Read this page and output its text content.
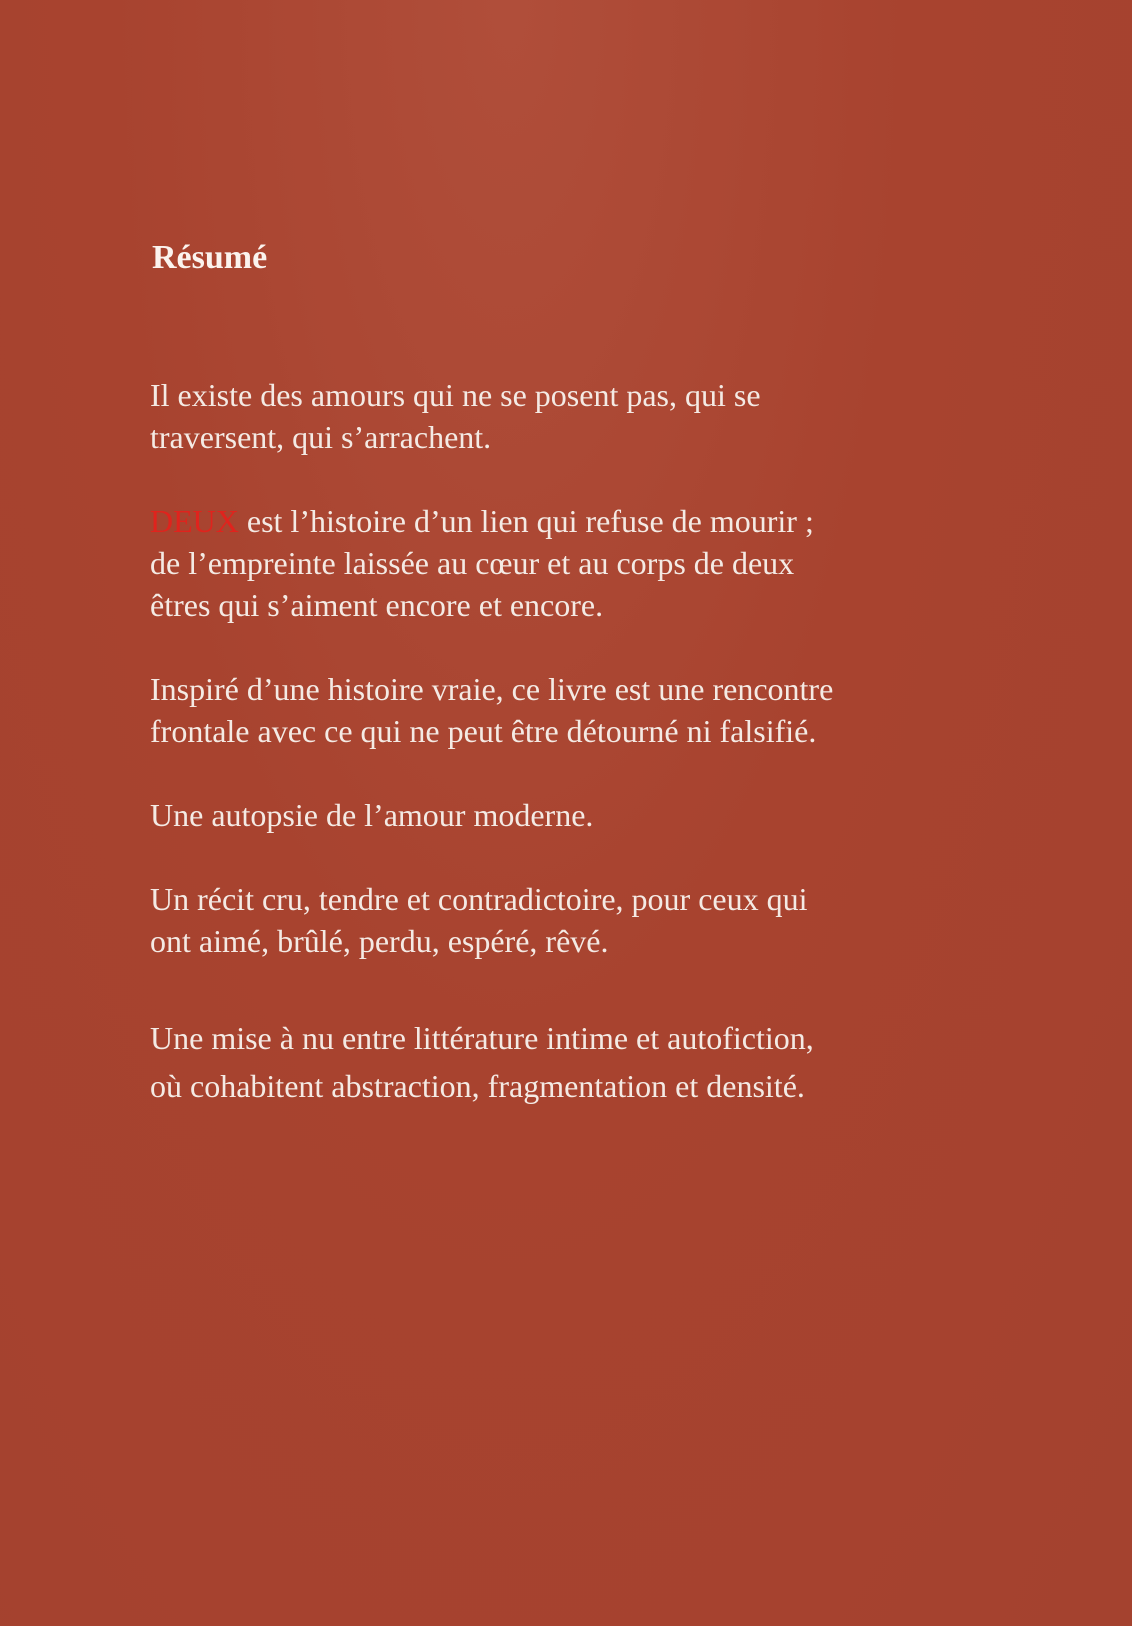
Résumé

Il existe des amours qui ne se posent pas, qui se
traversent, qui s’arrachent.

DEUX est l’histoire d’un lien qui refuse de mourir ;
de l’empreinte laissée au cœur et au corps de deux
êtres qui s’aiment encore et encore.

Inspiré d’une histoire vraie, ce livre est une rencontre
frontale avec ce qui ne peut être détourné ni falsifié.

Une autopsie de l’amour moderne.

Un récit cru, tendre et contradictoire, pour ceux qui
ont aimé, brûlé, perdu, espéré, rêvé.

Une mise à nu entre littérature intime et autofiction,
où cohabitent abstraction, fragmentation et densité.
